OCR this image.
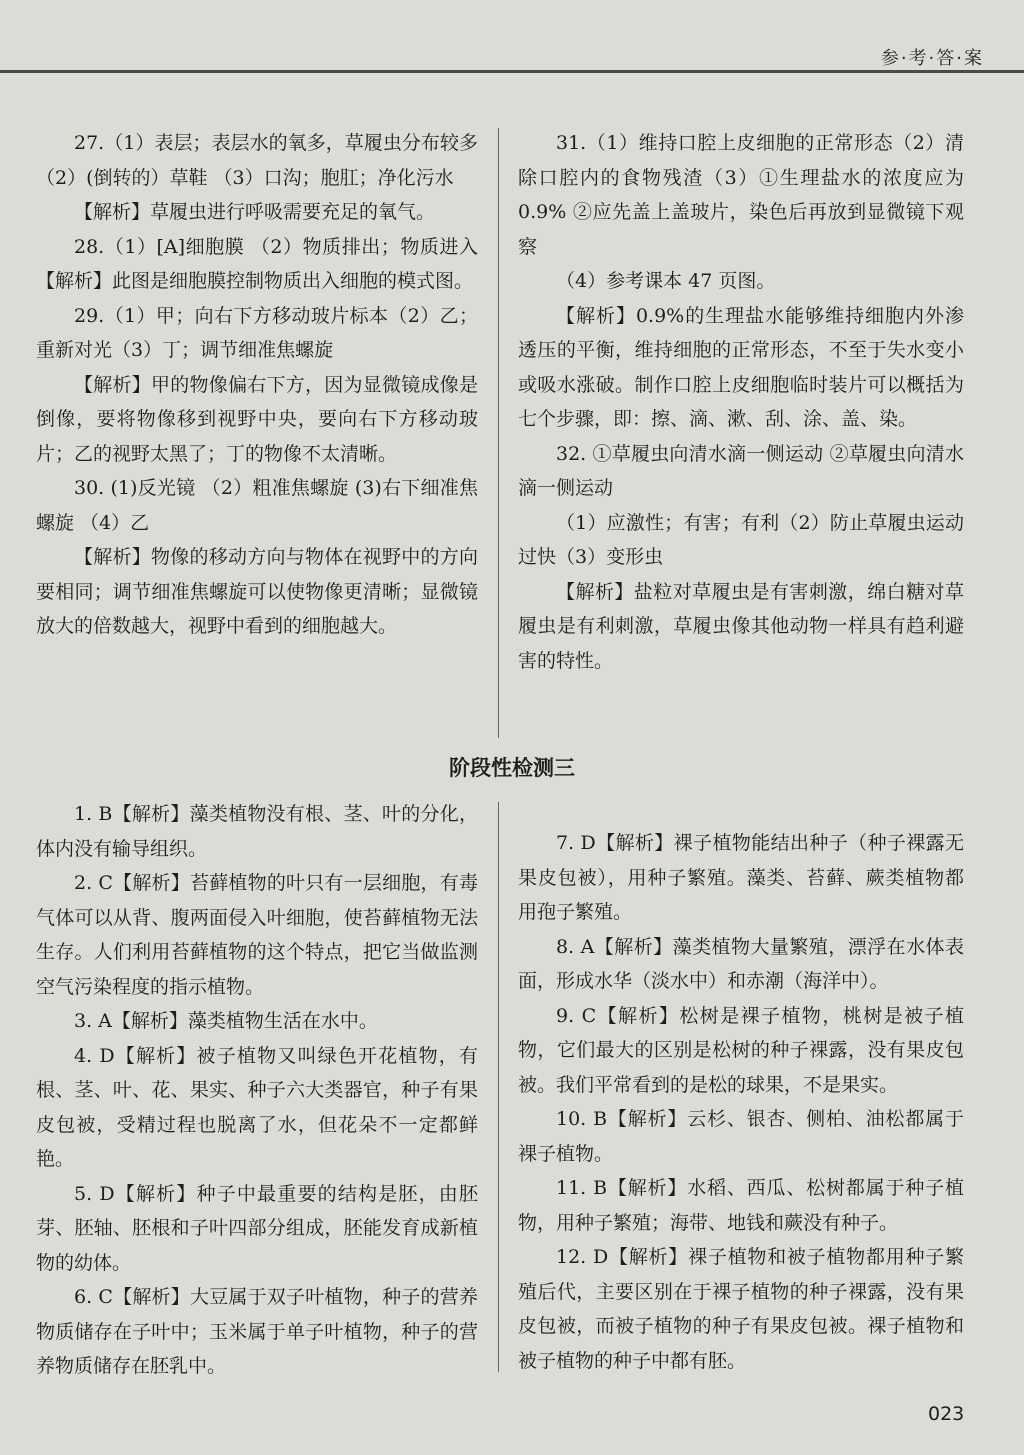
参·考·答·案

27.（1）表层；表层水的氧多，草履虫分布较多 （2）(倒转的）草鞋 （3）口沟；胞肛；净化污水

【解析】草履虫进行呼吸需要充足的氧气。

28.（1）[A]细胞膜 （2）物质排出；物质进入【解析】此图是细胞膜控制物质出入细胞的模式图。

29.（1）甲；向右下方移动玻片标本（2）乙；重新对光（3）丁；调节细准焦螺旋

【解析】甲的物像偏右下方，因为显微镜成像是倒像，要将物像移到视野中央，要向右下方移动玻片；乙的视野太黑了；丁的物像不太清晰。

30. (1)反光镜 （2）粗准焦螺旋 (3)右下细准焦螺旋 （4）乙

【解析】物像的移动方向与物体在视野中的方向要相同；调节细准焦螺旋可以使物像更清晰；显微镜放大的倍数越大，视野中看到的细胞越大。

31.（1）维持口腔上皮细胞的正常形态（2）清除口腔内的食物残渣（3）①生理盐水的浓度应为 0.9% ②应先盖上盖玻片，染色后再放到显微镜下观察

（4）参考课本 47 页图。

【解析】0.9%的生理盐水能够维持细胞内外渗透压的平衡，维持细胞的正常形态，不至于失水变小或吸水涨破。制作口腔上皮细胞临时装片可以概括为七个步骤，即：擦、滴、漱、刮、涂、盖、染。

32. ①草履虫向清水滴一侧运动 ②草履虫向清水滴一侧运动

（1）应激性；有害；有利（2）防止草履虫运动过快（3）变形虫

【解析】盐粒对草履虫是有害刺激，绵白糖对草履虫是有利刺激，草履虫像其他动物一样具有趋利避害的特性。

阶段性检测三

1. B【解析】藻类植物没有根、茎、叶的分化，体内没有输导组织。

2. C【解析】苔藓植物的叶只有一层细胞，有毒气体可以从背、腹两面侵入叶细胞，使苔藓植物无法生存。人们利用苔藓植物的这个特点，把它当做监测空气污染程度的指示植物。

3. A【解析】藻类植物生活在水中。

4. D【解析】被子植物又叫绿色开花植物，有根、茎、叶、花、果实、种子六大类器官，种子有果皮包被，受精过程也脱离了水，但花朵不一定都鲜艳。

5. D【解析】种子中最重要的结构是胚，由胚芽、胚轴、胚根和子叶四部分组成，胚能发育成新植物的幼体。

6. C【解析】大豆属于双子叶植物，种子的营养物质储存在子叶中；玉米属于单子叶植物，种子的营养物质储存在胚乳中。

7. D【解析】裸子植物能结出种子（种子裸露无果皮包被），用种子繁殖。藻类、苔藓、蕨类植物都用孢子繁殖。

8. A【解析】藻类植物大量繁殖，漂浮在水体表面，形成水华（淡水中）和赤潮（海洋中）。

9. C【解析】松树是裸子植物，桃树是被子植物，它们最大的区别是松树的种子裸露，没有果皮包被。我们平常看到的是松的球果，不是果实。

10. B【解析】云杉、银杏、侧柏、油松都属于裸子植物。

11. B【解析】水稻、西瓜、松树都属于种子植物，用种子繁殖；海带、地钱和蕨没有种子。

12. D【解析】裸子植物和被子植物都用种子繁殖后代，主要区别在于裸子植物的种子裸露，没有果皮包被，而被子植物的种子有果皮包被。裸子植物和被子植物的种子中都有胚。

023
